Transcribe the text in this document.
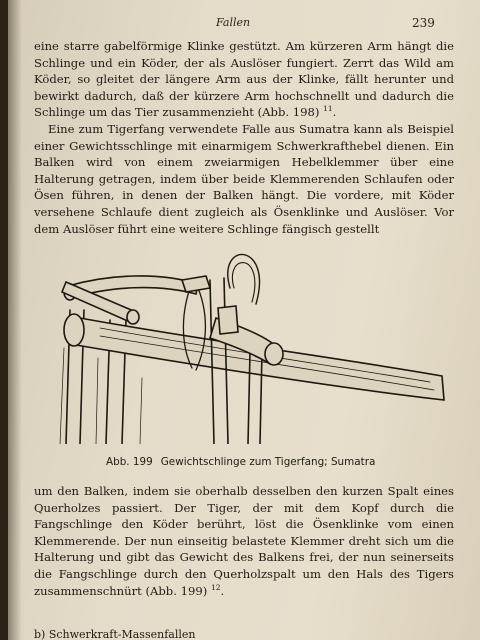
Fallen	239

eine starre gabelförmige Klinke gestützt. Am kürzeren Arm hängt die Schlinge und ein Köder, der als Auslöser fungiert. Zerrt das Wild am Köder, so gleitet der längere Arm aus der Klinke, fällt herunter und bewirkt dadurch, daß der kürzere Arm hochschnellt und dadurch die Schlinge um das Tier zusammenzieht (Abb. 198) $^{11}$.

Eine zum Tigerfang verwendete Falle aus Sumatra kann als Beispiel einer Gewichtsschlinge mit einarmigem Schwerkrafthebel dienen. Ein Balken wird von einem zweiarmigen Hebelklemmer über eine Halterung getragen, indem über beide Klemmerenden Schlaufen oder Ösen führen, in denen der Balken hängt. Die vordere, mit Köder versehene Schlaufe dient zugleich als Ösenklinke und Auslöser. Vor dem Auslöser führt eine weitere Schlinge fängisch gestellt

Abb. 199 Gewichtschlinge zum Tigerfang; Sumatra

um den Balken, indem sie oberhalb desselben den kurzen Spalt eines Querholzes passiert. Der Tiger, der mit dem Kopf durch die Fangschlinge den Köder berührt, löst die Ösenklinke vom einen Klemmerende. Der nun einseitig belastete Klemmer dreht sich um die Halterung und gibt das Gewicht des Balkens frei, der nun seinerseits die Fangschlinge durch den Querholzspalt um den Hals des Tigers zusammenschnürt (Abb. 199) $^{12}$.

b) Schwerkraft-Massenfallen
